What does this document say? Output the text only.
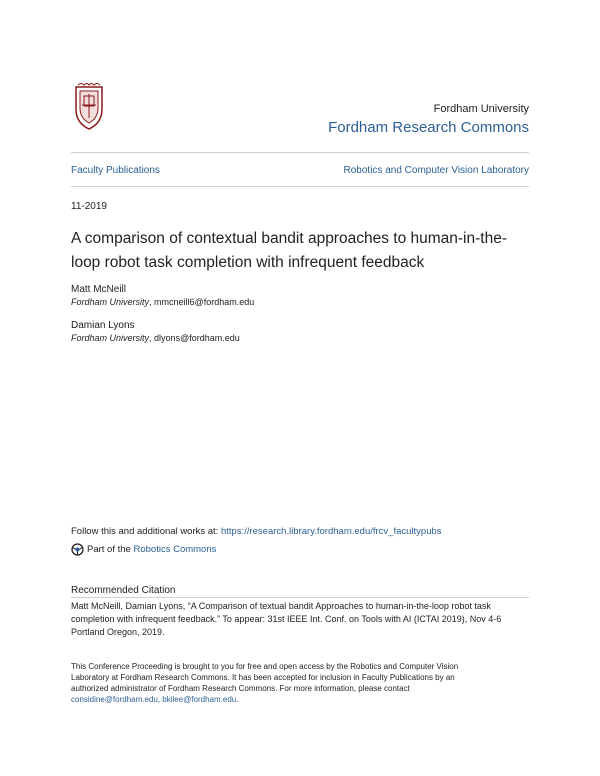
Fordham University
Fordham Research Commons
Faculty Publications	Robotics and Computer Vision Laboratory
11-2019
A comparison of contextual bandit approaches to human-in-the-loop robot task completion with infrequent feedback
Matt McNeill
Fordham University, mmcneill6@fordham.edu
Damian Lyons
Fordham University, dlyons@fordham.edu
Follow this and additional works at: https://research.library.fordham.edu/frcv_facultypubs
Part of the
Robotics Commons
Recommended Citation
Matt McNeill, Damian Lyons, “A Comparison of textual bandit Approaches to human-in-the-loop robot task completion with infrequent feedback.” To appear: 31st IEEE Int. Conf. on Tools with AI (ICTAI 2019), Nov 4-6 Portland Oregon, 2019.
This Conference Proceeding is brought to you for free and open access by the Robotics and Computer Vision Laboratory at Fordham Research Commons. It has been accepted for inclusion in Faculty Publications by an authorized administrator of Fordham Research Commons. For more information, please contact considine@fordham.edu, bkilee@fordham.edu.
